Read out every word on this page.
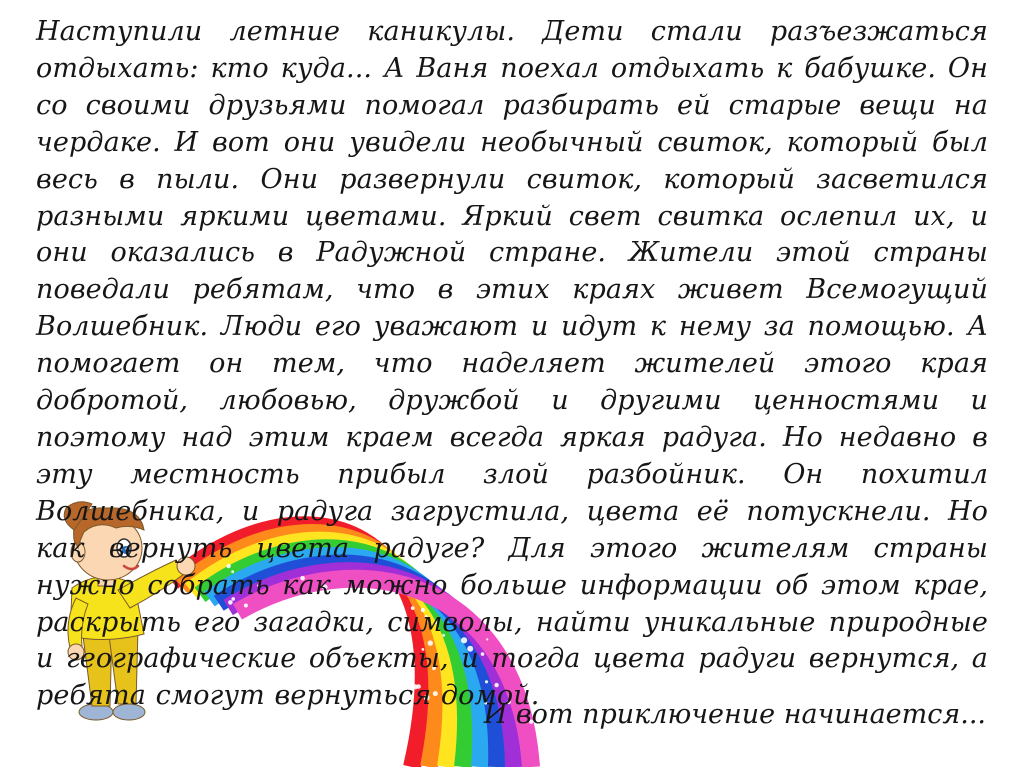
Наступили летние каникулы. Дети стали разъезжаться отдыхать: кто куда... А Ваня поехал отдыхать к бабушке. Он со своими друзьями помогал разбирать ей старые вещи на чердаке. И вот они увидели необычный свиток, который был весь в пыли. Они развернули свиток, который засветился разными яркими цветами. Яркий свет свитка ослепил их, и они оказались в Радужной стране. Жители этой страны поведали ребятам, что в этих краях живет Всемогущий Волшебник. Люди его уважают и идут к нему за помощью. А помогает он тем, что наделяет жителей этого края добротой, любовью, дружбой и другими ценностями и поэтому над этим краем всегда яркая радуга. Но недавно в эту местность прибыл злой разбойник. Он похитил Волшебника, и радуга загрустила, цвета её потускнели. Но как вернуть цвета радуге? Для этого жителям страны нужно собрать как можно больше информации об этом крае, раскрыть его загадки, символы, найти уникальные природные и географические объекты, и тогда цвета радуги вернутся, а ребята смогут вернуться домой.

И вот приключение начинается...
